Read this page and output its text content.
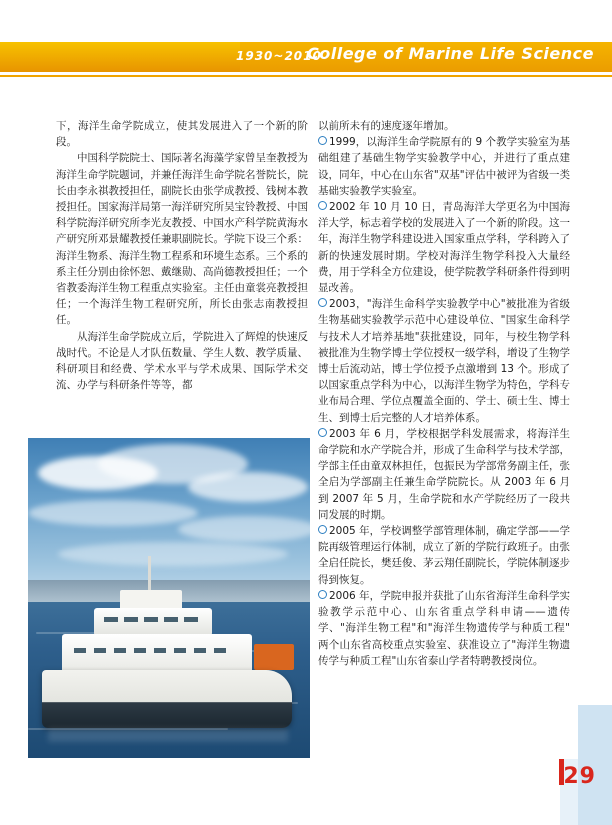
1930~2010
College of Marine Life Science

下，海洋生命学院成立，使其发展进入了一个新的阶段。

中国科学院院士、国际著名海藻学家曾呈奎教授为海洋生命学院题词，并兼任海洋生命学院名誉院长，院长由李永祺教授担任，副院长由张学成教授、钱树本教授担任。国家海洋局第一海洋研究所吴宝铃教授、中国科学院海洋研究所李光友教授、中国水产科学院黄海水产研究所邓景耀教授任兼职副院长。学院下设三个系：海洋生物系、海洋生物工程系和环境生态系。三个系的系主任分别由徐怀恕、戴继勋、高尚德教授担任；一个省教委海洋生物工程重点实验室。主任由童裳亮教授担任；一个海洋生物工程研究所，所长由张志南教授担任。

从海洋生命学院成立后，学院进入了辉煌的快速反战时代。不论是人才队伍数量、学生人数、教学质量、科研项目和经费、学术水平与学术成果、国际学术交流、办学与科研条件等等，都

以前所未有的速度逐年增加。

1999，以海洋生命学院原有的 9 个教学实验室为基础组建了基础生物学实验教学中心，并进行了重点建设，同年，中心在山东省"双基"评估中被评为省级一类基础实验教学实验室。

2002 年 10 月 10 日，青岛海洋大学更名为中国海洋大学，标志着学校的发展进入了一个新的阶段。这一年，海洋生物学科建设进入国家重点学科，学科跨入了新的快速发展时期。学校对海洋生物学科投入大量经费，用于学科全方位建设，使学院教学科研条件得到明显改善。

2003，"海洋生命科学实验教学中心"被批准为省级生物基础实验教学示范中心建设单位、"国家生命科学与技术人才培养基地"获批建设，同年，与校生物学科被批准为生物学博士学位授权一级学科，增设了生物学博士后流动站，博士学位授予点激增到 13 个。形成了以国家重点学科为中心，以海洋生物学为特色，学科专业布局合理、学位点覆盖全面的、学士、硕士生、博士生、到博士后完整的人才培养体系。

2003 年 6 月，学校根据学科发展需求，将海洋生命学院和水产学院合并，形成了生命科学与技术学部，学部主任由童双林担任，包振民为学部常务副主任，张全启为学部副主任兼生命学院院长。从 2003 年 6 月到 2007 年 5 月，生命学院和水产学院经历了一段共同发展的时期。

2005 年，学校调整学部管理体制，确定学部——学院再级管理运行体制，成立了新的学院行政班子。由张全启任院长，樊廷俊、茅云翔任副院长，学院体制逐步得到恢复。

2006 年，学院申报并获批了山东省海洋生命科学实验教学示范中心、山东省重点学科申请——遗传学、"海洋生物工程"和"海洋生物遗传学与种质工程" 两个山东省高校重点实验室、获准设立了"海洋生物遗传学与种质工程"山东省泰山学者特聘教授岗位。

29
